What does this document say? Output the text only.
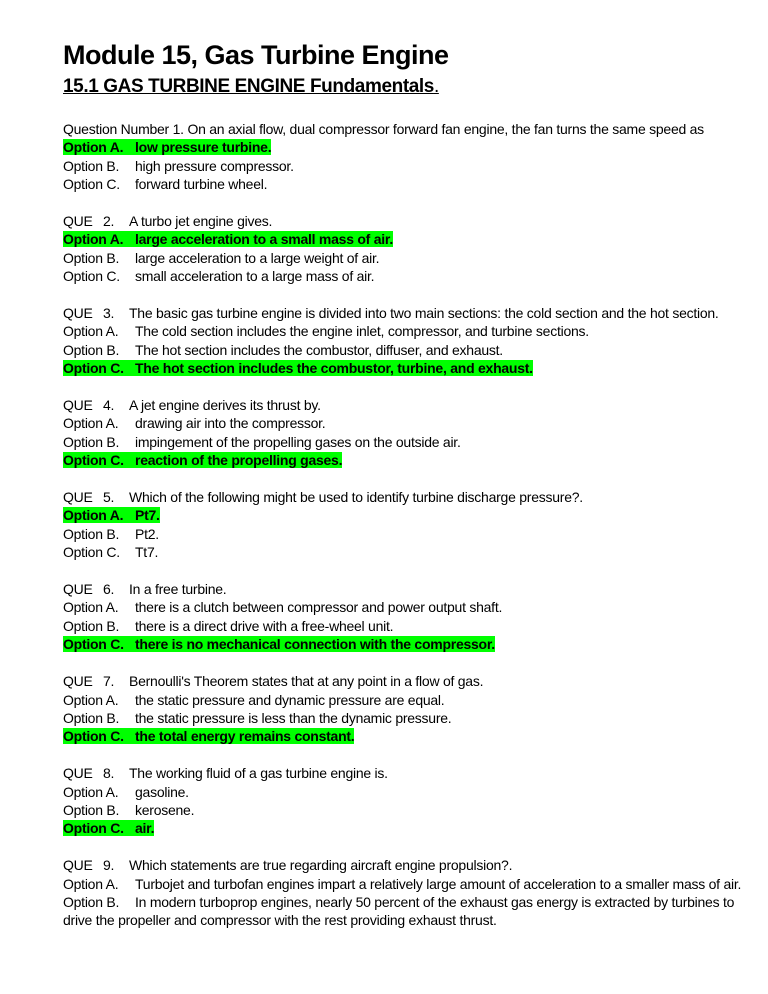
Module 15, Gas Turbine Engine
15.1 GAS TURBINE ENGINE Fundamentals.

Question Number 1. On an axial flow, dual compressor forward fan engine, the fan turns the same speed as

Option A. low pressure turbine.

Option B. high pressure compressor.

Option C. forward turbine wheel.

QUE 2. A turbo jet engine gives.

Option A. large acceleration to a small mass of air.

Option B. large acceleration to a large weight of air.

Option C. small acceleration to a large mass of air.

QUE 3. The basic gas turbine engine is divided into two main sections: the cold section and the hot section.

Option A. The cold section includes the engine inlet, compressor, and turbine sections.

Option B. The hot section includes the combustor, diffuser, and exhaust.

Option C. The hot section includes the combustor, turbine, and exhaust.

QUE 4. A jet engine derives its thrust by.

Option A. drawing air into the compressor.

Option B. impingement of the propelling gases on the outside air.

Option C. reaction of the propelling gases.

QUE 5. Which of the following might be used to identify turbine discharge pressure?.

Option A. Pt7.

Option B. Pt2.

Option C. Tt7.

QUE 6. In a free turbine.

Option A. there is a clutch between compressor and power output shaft.

Option B. there is a direct drive with a free-wheel unit.

Option C. there is no mechanical connection with the compressor.

QUE 7. Bernoulli's Theorem states that at any point in a flow of gas.

Option A. the static pressure and dynamic pressure are equal.

Option B. the static pressure is less than the dynamic pressure.

Option C. the total energy remains constant.

QUE 8. The working fluid of a gas turbine engine is.

Option A. gasoline.

Option B. kerosene.

Option C. air.

QUE 9. Which statements are true regarding aircraft engine propulsion?.

Option A. Turbojet and turbofan engines impart a relatively large amount of acceleration to a smaller mass of air.

Option B. In modern turboprop engines, nearly 50 percent of the exhaust gas energy is extracted by turbines to drive the propeller and compressor with the rest providing exhaust thrust.
